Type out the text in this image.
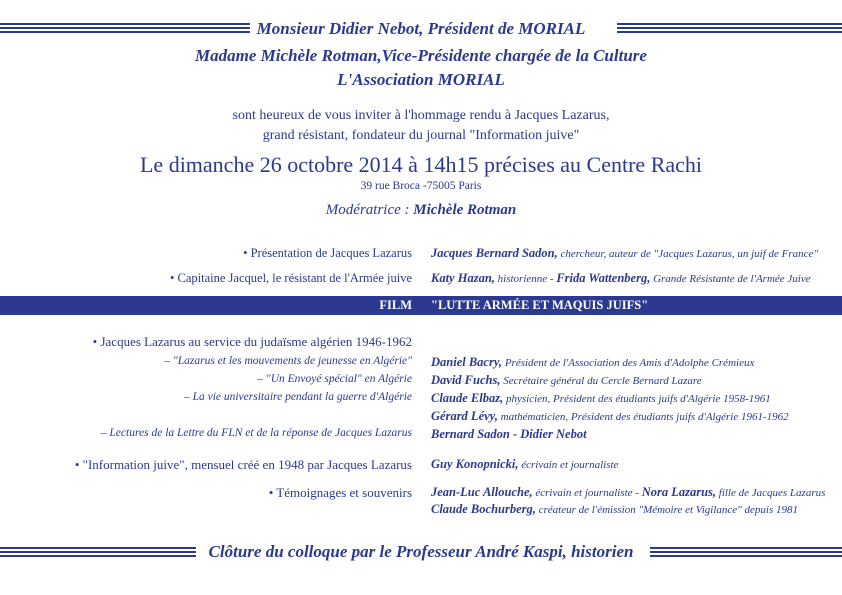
Monsieur Didier Nebot, Président de MORIAL
Madame Michèle Rotman,Vice-Présidente chargée de la Culture
L'Association MORIAL
sont heureux de vous inviter à l'hommage rendu à Jacques Lazarus,
grand résistant, fondateur du journal "Information juive"
Le dimanche 26 octobre 2014 à 14h15 précises au Centre Rachi
39 rue Broca -75005 Paris
Modératrice : Michèle Rotman
• Présentation de Jacques Lazarus Jacques Bernard Sadon, chercheur, auteur de "Jacques Lazarus, un juif de France"
• Capitaine Jacquel, le résistant de l'Armée juive Katy Hazan, historienne - Frida Wattenberg, Grande Résistante de l'Armée Juive
FILM "LUTTE ARMÉE ET MAQUIS JUIFS"
• Jacques Lazarus au service du judaïsme algérien 1946-1962
– "Lazarus et les mouvements de jeunesse en Algérie"
– "Un Envoyé spécial" en Algérie
– La vie universitaire pendant la guerre d'Algérie
– Lectures de la Lettre du FLN et de la réponse de Jacques Lazarus
Daniel Bacry, Président de l'Association des Amis d'Adolphe Crémieux
David Fuchs, Secrétaire général du Cercle Bernard Lazare
Claude Elbaz, physicien, Président des étudiants juifs d'Algérie 1958-1961
Gérard Lévy, mathématicien, Président des étudiants juifs d'Algérie 1961-1962
Bernard Sadon - Didier Nebot
• "Information juive", mensuel créé en 1948 par Jacques Lazarus Guy Konopnicki, écrivain et journaliste
• Témoignages et souvenirs Jean-Luc Allouche, écrivain et journaliste - Nora Lazarus, fille de Jacques Lazarus
Claude Bochurberg, créateur de l'émission "Mémoire et Vigilance" depuis 1981
Clôture du colloque par le Professeur André Kaspi, historien
